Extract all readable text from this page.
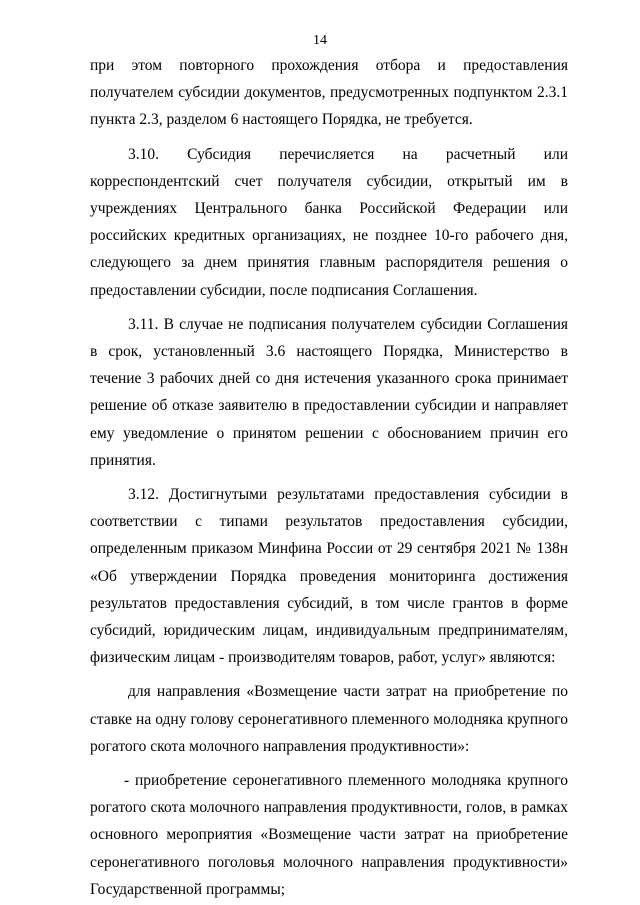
14

при этом повторного прохождения отбора и предоставления получателем субсидии документов, предусмотренных подпунктом 2.3.1 пункта 2.3, разделом 6 настоящего Порядка, не требуется.

3.10. Субсидия перечисляется на расчетный или корреспондентский счет получателя субсидии, открытый им в учреждениях Центрального банка Российской Федерации или российских кредитных организациях, не позднее 10-го рабочего дня, следующего за днем принятия главным распорядителя решения о предоставлении субсидии, после подписания Соглашения.

3.11. В случае не подписания получателем субсидии Соглашения в срок, установленный 3.6 настоящего Порядка, Министерство в течение 3 рабочих дней со дня истечения указанного срока принимает решение об отказе заявителю в предоставлении субсидии и направляет ему уведомление о принятом решении с обоснованием причин его принятия.

3.12. Достигнутыми результатами предоставления субсидии в соответствии с типами результатов предоставления субсидии, определенным приказом Минфина России от 29 сентября 2021 № 138н «Об утверждении Порядка проведения мониторинга достижения результатов предоставления субсидий, в том числе грантов в форме субсидий, юридическим лицам, индивидуальным предпринимателям, физическим лицам - производителям товаров, работ, услуг» являются:

для направления «Возмещение части затрат на приобретение по ставке на одну голову серонегативного племенного молодняка крупного рогатого скота молочного направления продуктивности»:

- приобретение серонегативного племенного молодняка крупного рогатого скота молочного направления продуктивности, голов, в рамках основного мероприятия «Возмещение части затрат на приобретение серонегативного поголовья молочного направления продуктивности» Государственной программы;
